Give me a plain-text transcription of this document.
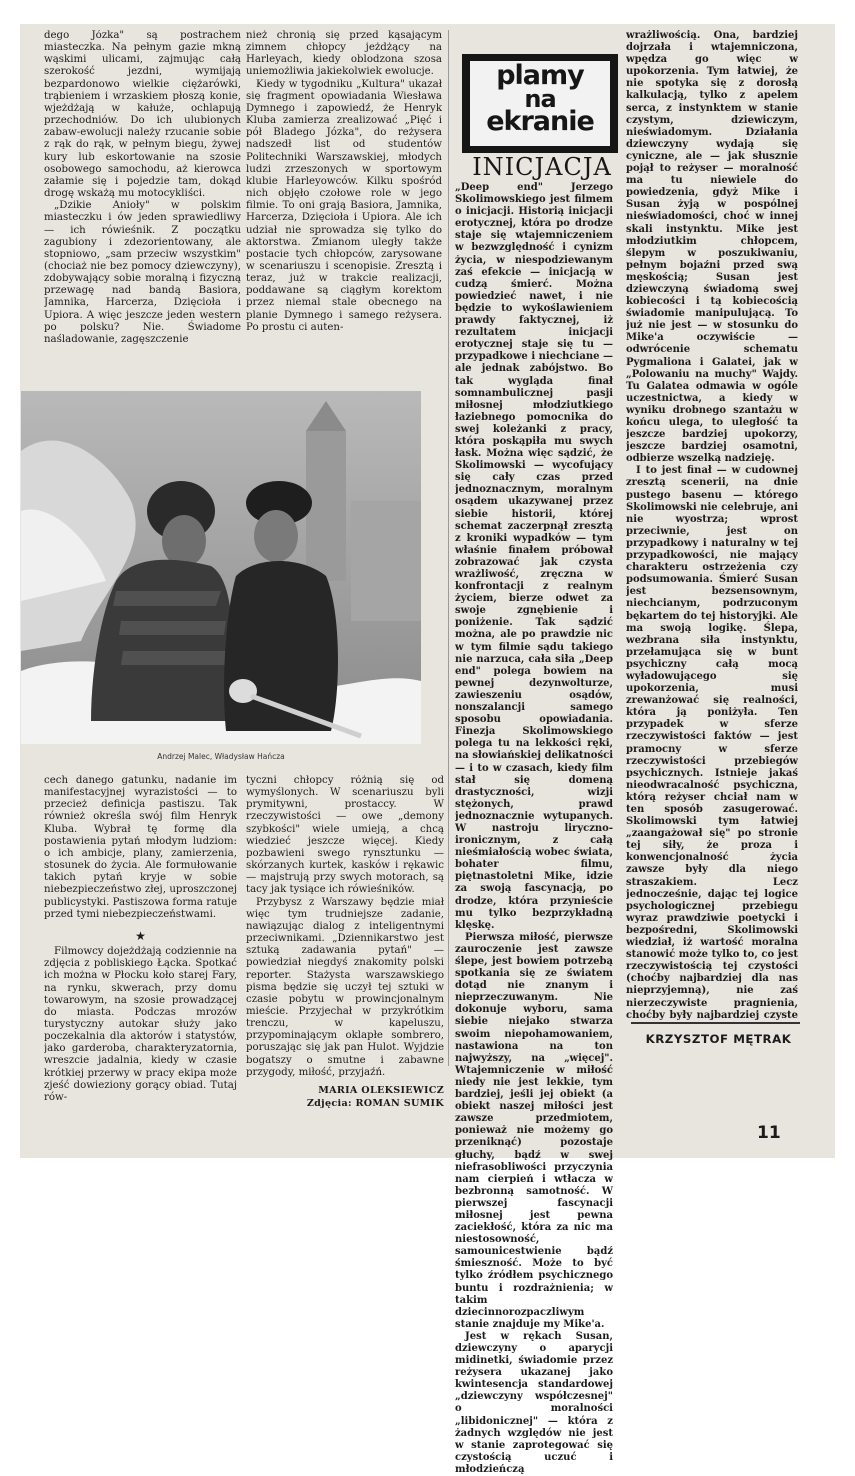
dego Józka" są postrachem miasteczka. Na pełnym gazie mkną wąskimi ulicami, zajmując całą szerokość jezdni, wymijają bezpardonowo wielkie ciężarówki, trąbieniem i wrzaskiem płoszą konie, wjeżdżają w kałuże, ochlapują przechodniów. Do ich ulubionych zabaw-ewolucji należy rzucanie sobie z rąk do rąk, w pełnym biegu, żywej kury lub eskortowanie na szosie osobowego samochodu, aż kierowca załamie się i pojedzie tam, dokąd drogę wskażą mu motocykliści.

„Dzikie Anioły" w polskim miasteczku i ów jeden sprawiedliwy — ich rówieśnik. Z początku zagubiony i zdezorientowany, ale stopniowo, „sam przeciw wszystkim" (chociaż nie bez pomocy dziewczyny), zdobywający sobie moralną i fizyczną przewagę nad bandą Basiora, Jamnika, Harcerza, Dzięcioła i Upiora. A więc jeszcze jeden western po polsku? Nie. Świadome naśladowanie, zagęszczenie

nież chronią się przed kąsającym zimnem chłopcy jeżdżący na Harleyach, kiedy oblodzona szosa uniemożliwia jakiekolwiek ewolucje.

Kiedy w tygodniku „Kultura" ukazał się fragment opowiadania Wiesława Dymnego i zapowiedź, że Henryk Kluba zamierza zrealizować „Pięć i pół Bladego Józka", do reżysera nadszedł list od studentów Politechniki Warszawskiej, młodych ludzi zrzeszonych w sportowym klubie Harleyowców. Kilku spośród nich objęło czołowe role w jego filmie. To oni grają Basiora, Jamnika, Harcerza, Dzięcioła i Upiora. Ale ich udział nie sprowadza się tylko do aktorstwa. Zmianom uległy także postacie tych chłopców, zarysowane w scenariuszu i scenopisie. Zresztą i teraz, już w trakcie realizacji, poddawane są ciągłym korektom przez niemal stale obecnego na planie Dymnego i samego reżysera. Po prostu ci auten-

Andrzej Malec, Władysław Hańcza

cech danego gatunku, nadanie im manifestacyjnej wyrazistości — to przecież definicja pastiszu. Tak również określa swój film Henryk Kluba. Wybrał tę formę dla postawienia pytań młodym ludziom: o ich ambicje, plany, zamierzenia, stosunek do życia. Ale formułowanie takich pytań kryje w sobie niebezpieczeństwo złej, uproszczonej publicystyki. Pastiszowa forma ratuje przed tymi niebezpieczeństwami.

★

Filmowcy dojeżdżają codziennie na zdjęcia z pobliskiego Łącka. Spotkać ich można w Płocku koło starej Fary, na rynku, skwerach, przy domu towarowym, na szosie prowadzącej do miasta. Podczas mrozów turystyczny autokar służy jako poczekalnia dla aktorów i statystów, jako garderoba, charakteryzatornia, wreszcie jadalnia, kiedy w czasie krótkiej przerwy w pracy ekipa może zjeść dowieziony gorący obiad. Tutaj rów-

tyczni chłopcy różnią się od wymyślonych. W scenariuszu byli prymitywni, prostaccy. W rzeczywistości — owe „demony szybkości" wiele umieją, a chcą wiedzieć jeszcze więcej. Kiedy pozbawieni swego rynsztunku — skórzanych kurtek, kasków i rękawic — majstrują przy swych motorach, są tacy jak tysiące ich rówieśników.

Przybysz z Warszawy będzie miał więc tym trudniejsze zadanie, nawiązując dialog z inteligentnymi przeciwnikami. „Dziennikarstwo jest sztuką zadawania pytań" — powiedział niegdyś znakomity polski reporter. Stażysta warszawskiego pisma będzie się uczył tej sztuki w czasie pobytu w prowincjonalnym mieście. Przyjechał w przykrótkim trenczu, w kapeluszu, przypominającym oklapłe sombrero, poruszając się jak pan Hulot. Wyjdzie bogatszy o smutne i zabawne przygody, miłość, przyjaźń.

MARIA OLEKSIEWICZ
Zdjęcia: ROMAN SUMIK
plamy
na
ekranie
INICJACJA

„Deep end" Jerzego Skolimowskiego jest filmem o inicjacji. Historią inicjacji erotycznej, która po drodze staje się wtajemniczeniem w bezwzględność i cynizm życia, w niespodziewanym zaś efekcie — inicjacją w cudzą śmierć. Można powiedzieć nawet, i nie będzie to wykoślawieniem prawdy faktycznej, iż rezultatem inicjacji erotycznej staje się tu — przypadkowe i niechciane — ale jednak zabójstwo. Bo tak wygląda finał somnambulicznej pasji miłosnej młodziutkiego łaziebnego pomocnika do swej koleżanki z pracy, która poskąpiła mu swych łask. Można więc sądzić, że Skolimowski — wycofujący się cały czas przed jednoznacznym, moralnym osądem ukazywanej przez siebie historii, której schemat zaczerpnął zresztą z kroniki wypadków — tym właśnie finałem próbował zobrazować jak czysta wrażliwość, zręczna w konfrontacji z realnym życiem, bierze odwet za swoje zgnębienie i poniżenie. Tak sądzić można, ale po prawdzie nic w tym filmie sądu takiego nie narzuca, cała siła „Deep end" polega bowiem na pewnej dezynwolturze, zawieszeniu osądów, nonszalancji samego sposobu opowiadania. Finezja Skolimowskiego polega tu na lekkości ręki, na słowiańskiej delikatności — i to w czasach, kiedy film stał się domeną drastyczności, wizji stężonych, prawd jednoznacznie wytupanych. W nastroju liryczno-ironicznym, z całą nieśmiałością wobec świata, bohater filmu, piętnastoletni Mike, idzie za swoją fascynacją, po drodze, która przynieście mu tylko bezprzykładną klęskę.

Pierwsza miłość, pierwsze zauroczenie jest zawsze ślepe, jest bowiem potrzebą spotkania się ze światem dotąd nie znanym i nieprzeczuwanym. Nie dokonuje wyboru, sama siebie niejako stwarza swoim niepohamowaniem, nastawiona na ton najwyższy, na „więcej". Wtajemniczenie w miłość niedy nie jest lekkie, tym bardziej, jeśli jej obiekt (a obiekt naszej miłości jest zawsze przedmiotem, ponieważ nie możemy go przeniknąć) pozostaje głuchy, bądź w swej niefrasobliwości przyczynia nam cierpień i wtłacza w bezbronną samotność. W pierwszej fascynacji miłosnej jest pewna zaciekłość, która za nic ma niestosowność, samounicestwienie bądź śmieszność. Może to być tylko źródłem psychicznego buntu i rozdrażnienia; w takim dziecinnorozpaczliwym stanie znajduje my Mike'a.

Jest w rękach Susan, dziewczyny o aparycji midinetki, świadomie przez reżysera ukazanej jako kwintesencja standardowej „dziewczyny współczesnej" o moralności „libidonicznej" — która z żadnych względów nie jest w stanie zaprotegować się czystością uczuć i młodzieńczą

wrażliwością. Ona, bardziej dojrzała i wtajemniczona, wpędza go więc w upokorzenia. Tym łatwiej, że nie spotyka się z dorosłą kalkulacją, tylko z apelem serca, z instynktem w stanie czystym, dziewiczym, nieświadomym. Działania dziewczyny wydają się cyniczne, ale — jak słusznie pojął to reżyser — moralność ma tu niewiele do powiedzenia, gdyż Mike i Susan żyją w pospólnej nieświadomości, choć w innej skali instynktu. Mike jest młodziutkim chłopcem, ślepym w poszukiwaniu, pełnym bojaźni przed swą męskością; Susan jest dziewczyną świadomą swej kobiecości i tą kobiecością świadomie manipulującą. To już nie jest — w stosunku do Mike'a oczywiście — odwrócenie schematu Pygmaliona i Galatei, jak w „Polowaniu na muchy" Wajdy. Tu Galatea odmawia w ogóle uczestnictwa, a kiedy w wyniku drobnego szantażu w końcu ulega, to uległość ta jeszcze bardziej upokorzy, jeszcze bardziej osamotni, odbierze wszelką nadzieję.

I to jest finał — w cudownej zresztą scenerii, na dnie pustego basenu — którego Skolimowski nie celebruje, ani nie wyostrza; wprost przeciwnie, jest on przypadkowy i naturalny w tej przypadkowości, nie mający charakteru ostrzeżenia czy podsumowania. Śmierć Susan jest bezsensownym, niechcianym, podrzuconym bękartem do tej historyjki. Ale ma swoją logikę. Ślepa, wezbrana siła instynktu, przełamująca się w bunt psychiczny całą mocą wyładowującego się upokorzenia, musi zrewanżować się realności, która ją poniżyła. Ten przypadek w sferze rzeczywistości faktów — jest pramocny w sferze rzeczywistości przebiegów psychicznych. Istnieje jakaś nieodwracalność psychiczna, którą reżyser chciał nam w ten sposób zasugerować. Skolimowski tym łatwiej „zaangażował się" po stronie tej siły, że proza i konwencjonalność życia zawsze były dla niego straszakiem. Lecz jednocześnie, dając tej logice psychologicznej przebiegu wyraz prawdziwie poetycki i bezpośredni, Skolimowski wiedział, iż wartość moralna stanowić może tylko to, co jest rzeczywistością tej czystości (choćby najbardziej dla nas nieprzyjemną), nie zaś nierzeczywiste pragnienia, choćby były najbardziej czyste

KRZYSZTOF MĘTRAK
11
